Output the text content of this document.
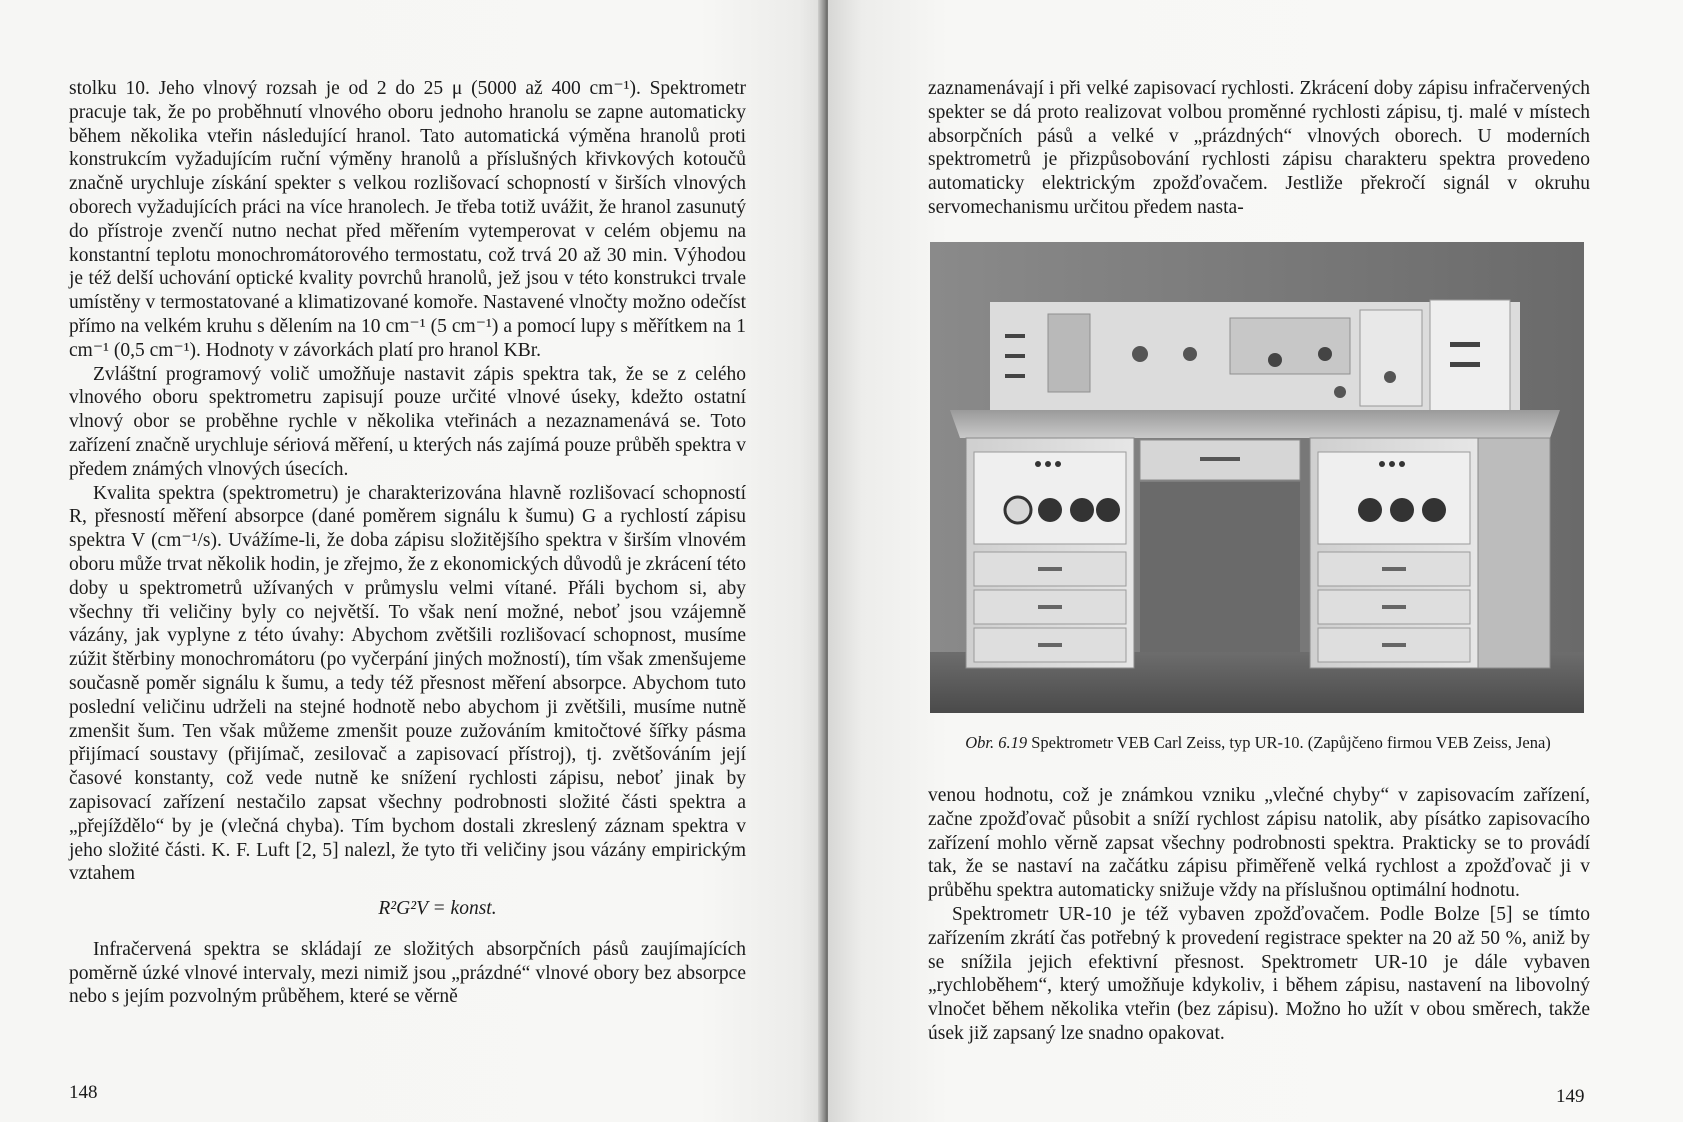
stolku 10. Jeho vlnový rozsah je od 2 do 25 μ (5000 až 400 cm⁻¹). Spektrometr pracuje tak, že po proběhnutí vlnového oboru jednoho hranolu se zapne automaticky během několika vteřin následující hranol. Tato automatická výměna hranolů proti konstrukcím vyžadujícím ruční výměny hranolů a příslušných křivkových kotoučů značně urychluje získání spekter s velkou rozlišovací schopností v širších vlnových oborech vyžadujících práci na více hranolech. Je třeba totiž uvážit, že hranol zasunutý do přístroje zvenčí nutno nechat před měřením vytemperovat v celém objemu na konstantní teplotu monochromátorového termostatu, což trvá 20 až 30 min. Výhodou je též delší uchování optické kvality povrchů hranolů, jež jsou v této konstrukci trvale umístěny v termostatované a klimatizované komoře. Nastavené vlnočty možno odečíst přímo na velkém kruhu s dělením na 10 cm⁻¹ (5 cm⁻¹) a pomocí lupy s měřítkem na 1 cm⁻¹ (0,5 cm⁻¹). Hodnoty v závorkách platí pro hranol KBr.

Zvláštní programový volič umožňuje nastavit zápis spektra tak, že se z celého vlnového oboru spektrometru zapisují pouze určité vlnové úseky, kdežto ostatní vlnový obor se proběhne rychle v několika vteřinách a nezaznamenává se. Toto zařízení značně urychluje sériová měření, u kterých nás zajímá pouze průběh spektra v předem známých vlnových úsecích.

Kvalita spektra (spektrometru) je charakterizována hlavně rozlišovací schopností R, přesností měření absorpce (dané poměrem signálu k šumu) G a rychlostí zápisu spektra V (cm⁻¹/s). Uvážíme-li, že doba zápisu složitějšího spektra v širším vlnovém oboru může trvat několik hodin, je zřejmo, že z ekonomických důvodů je zkrácení této doby u spektrometrů užívaných v průmyslu velmi vítané. Přáli bychom si, aby všechny tři veličiny byly co největší. To však není možné, neboť jsou vzájemně vázány, jak vyplyne z této úvahy: Abychom zvětšili rozlišovací schopnost, musíme zúžit štěrbiny monochromátoru (po vyčerpání jiných možností), tím však zmenšujeme současně poměr signálu k šumu, a tedy též přesnost měření absorpce. Abychom tuto poslední veličinu udrželi na stejné hodnotě nebo abychom ji zvětšili, musíme nutně zmenšit šum. Ten však můžeme zmenšit pouze zužováním kmitočtové šířky pásma přijímací soustavy (přijímač, zesilovač a zapisovací přístroj), tj. zvětšováním její časové konstanty, což vede nutně ke snížení rychlosti zápisu, neboť jinak by zapisovací zařízení nestačilo zapsat všechny podrobnosti složité části spektra a „přejíždělo“ by je (vlečná chyba). Tím bychom dostali zkreslený záznam spektra v jeho složité části. K. F. Luft [2, 5] nalezl, že tyto tři veličiny jsou vázány empirickým vztahem

R²G²V = konst.

Infračervená spektra se skládají ze složitých absorpčních pásů zaujímajících poměrně úzké vlnové intervaly, mezi nimiž jsou „prázdné“ vlnové obory bez absorpce nebo s jejím pozvolným průběhem, které se věrně

148

zaznamenávají i při velké zapisovací rychlosti. Zkrácení doby zápisu infračervených spekter se dá proto realizovat volbou proměnné rychlosti zápisu, tj. malé v místech absorpčních pásů a velké v „prázdných“ vlnových oborech. U moderních spektrometrů je přizpůsobování rychlosti zápisu charakteru spektra provedeno automaticky elektrickým zpožďovačem. Jestliže překročí signál v okruhu servomechanismu určitou předem nasta-

Obr. 6.19 Spektrometr VEB Carl Zeiss, typ UR-10. (Zapůjčeno firmou VEB Zeiss, Jena)

venou hodnotu, což je známkou vzniku „vlečné chyby“ v zapisovacím zařízení, začne zpožďovač působit a sníží rychlost zápisu natolik, aby písátko zapisovacího zařízení mohlo věrně zapsat všechny podrobnosti spektra. Prakticky se to provádí tak, že se nastaví na začátku zápisu přiměřeně velká rychlost a zpožďovač ji v průběhu spektra automaticky snižuje vždy na příslušnou optimální hodnotu.

Spektrometr UR-10 je též vybaven zpožďovačem. Podle Bolze [5] se tímto zařízením zkrátí čas potřebný k provedení registrace spekter na 20 až 50 %, aniž by se snížila jejich efektivní přesnost. Spektrometr UR-10 je dále vybaven „rychloběhem“, který umožňuje kdykoliv, i během zápisu, nastavení na libovolný vlnočet během několika vteřin (bez zápisu). Možno ho užít v obou směrech, takže úsek již zapsaný lze snadno opakovat.

149
